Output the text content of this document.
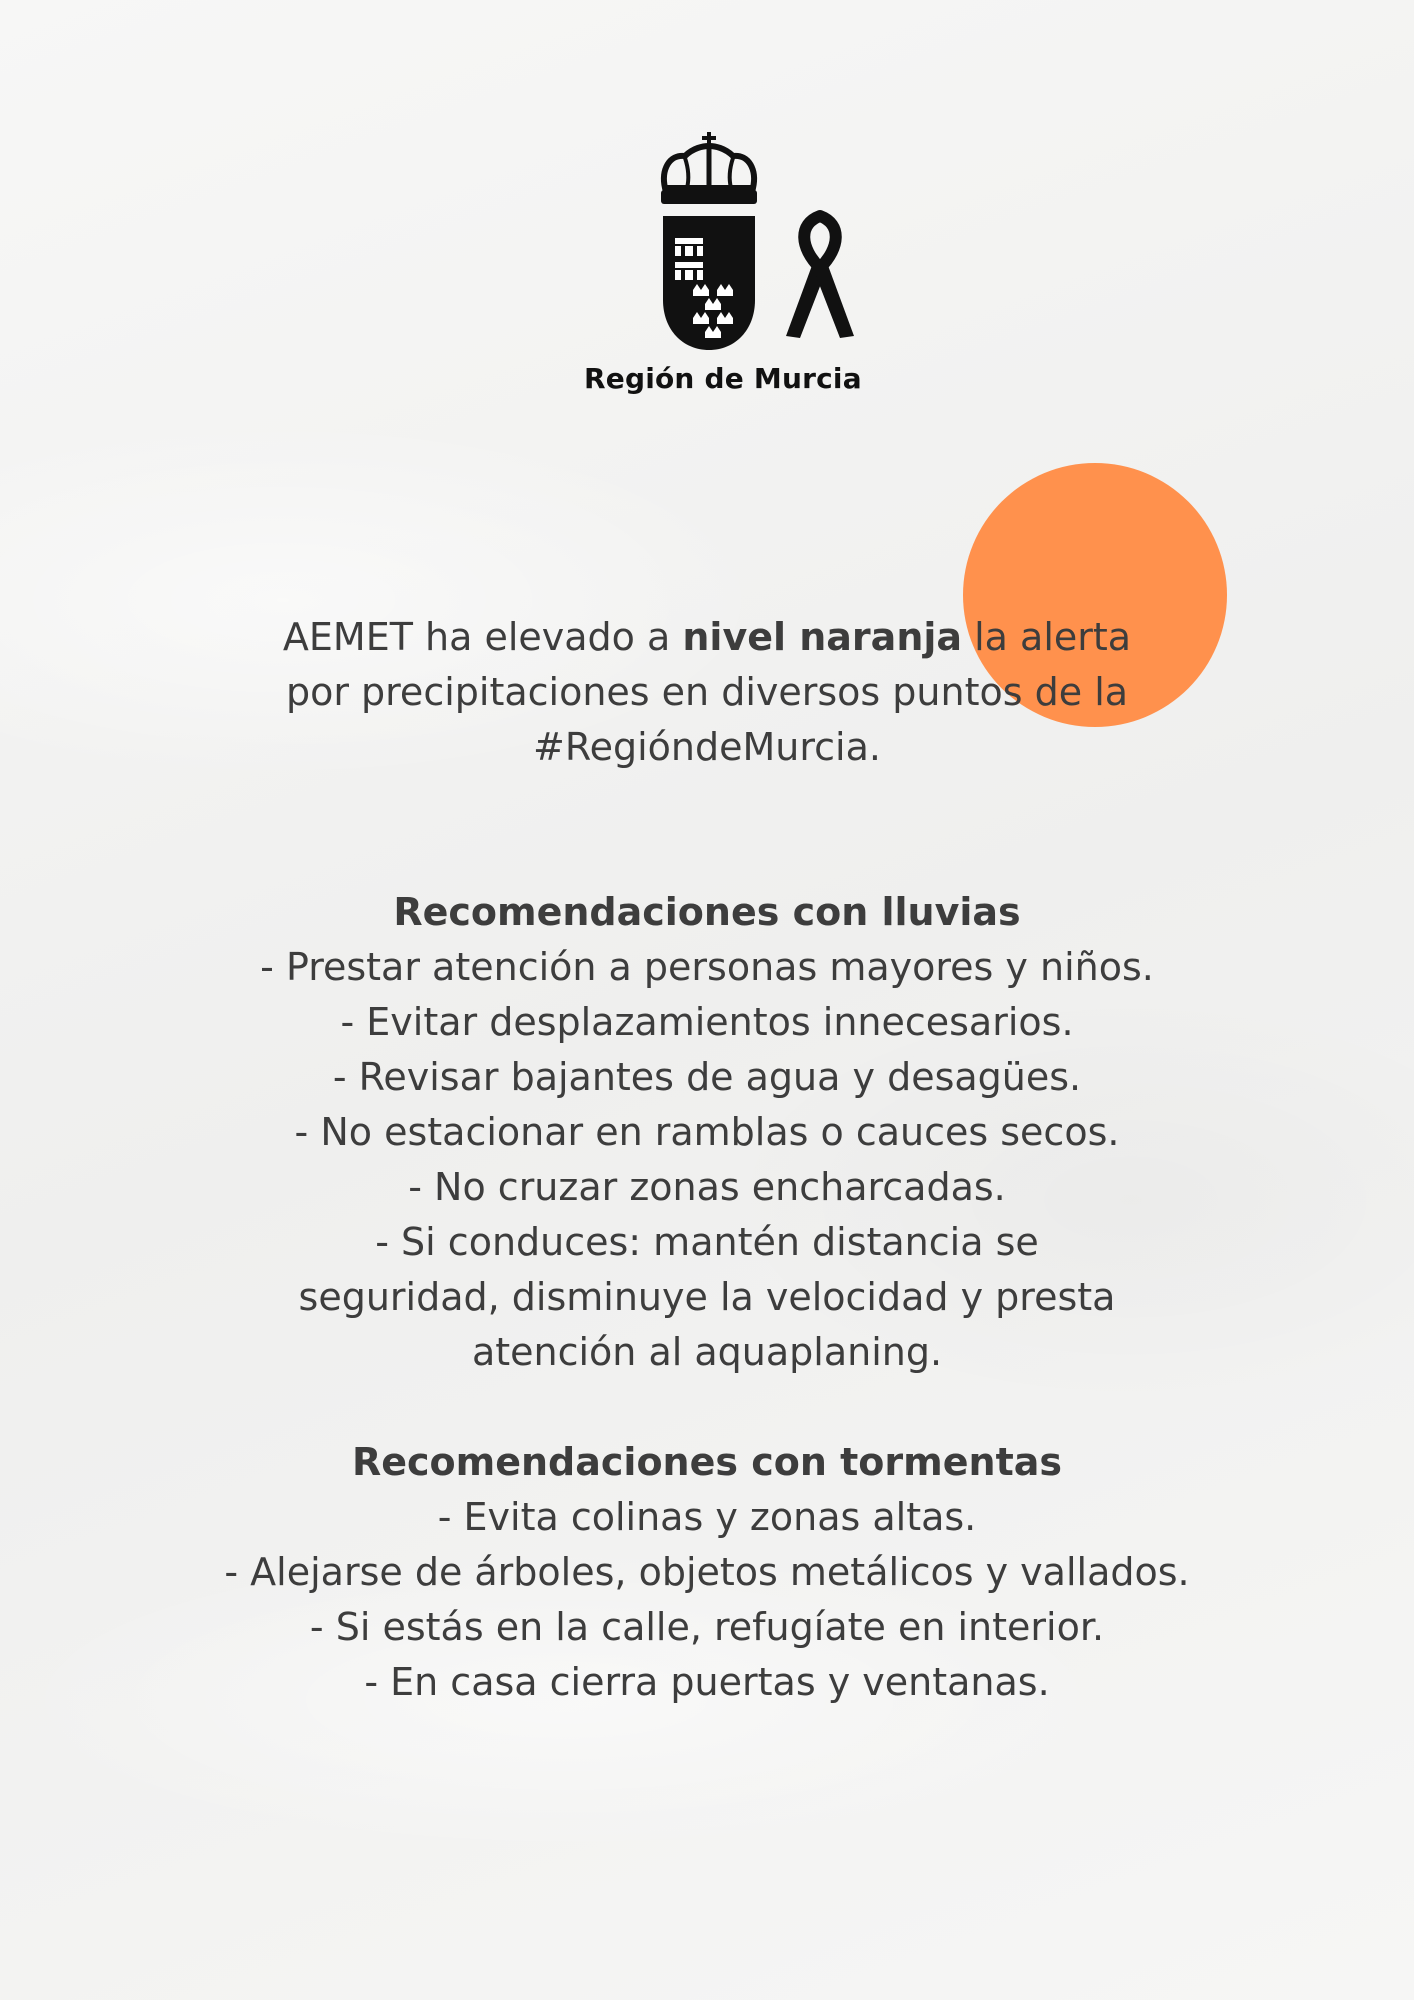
Región de Murcia

AEMET ha elevado a nivel naranja la alerta por precipitaciones en diversos puntos de la #RegióndeMurcia.

Recomendaciones con lluvias

- Prestar atención a personas mayores y niños.

- Evitar desplazamientos innecesarios.

- Revisar bajantes de agua y desagües.

- No estacionar en ramblas o cauces secos.

- No cruzar zonas encharcadas.

- Si conduces: mantén distancia se seguridad, disminuye la velocidad y presta atención al aquaplaning.

Recomendaciones con tormentas

- Evita colinas y zonas altas.

- Alejarse de árboles, objetos metálicos y vallados.

- Si estás en la calle, refugíate en interior.

- En casa cierra puertas y ventanas.
